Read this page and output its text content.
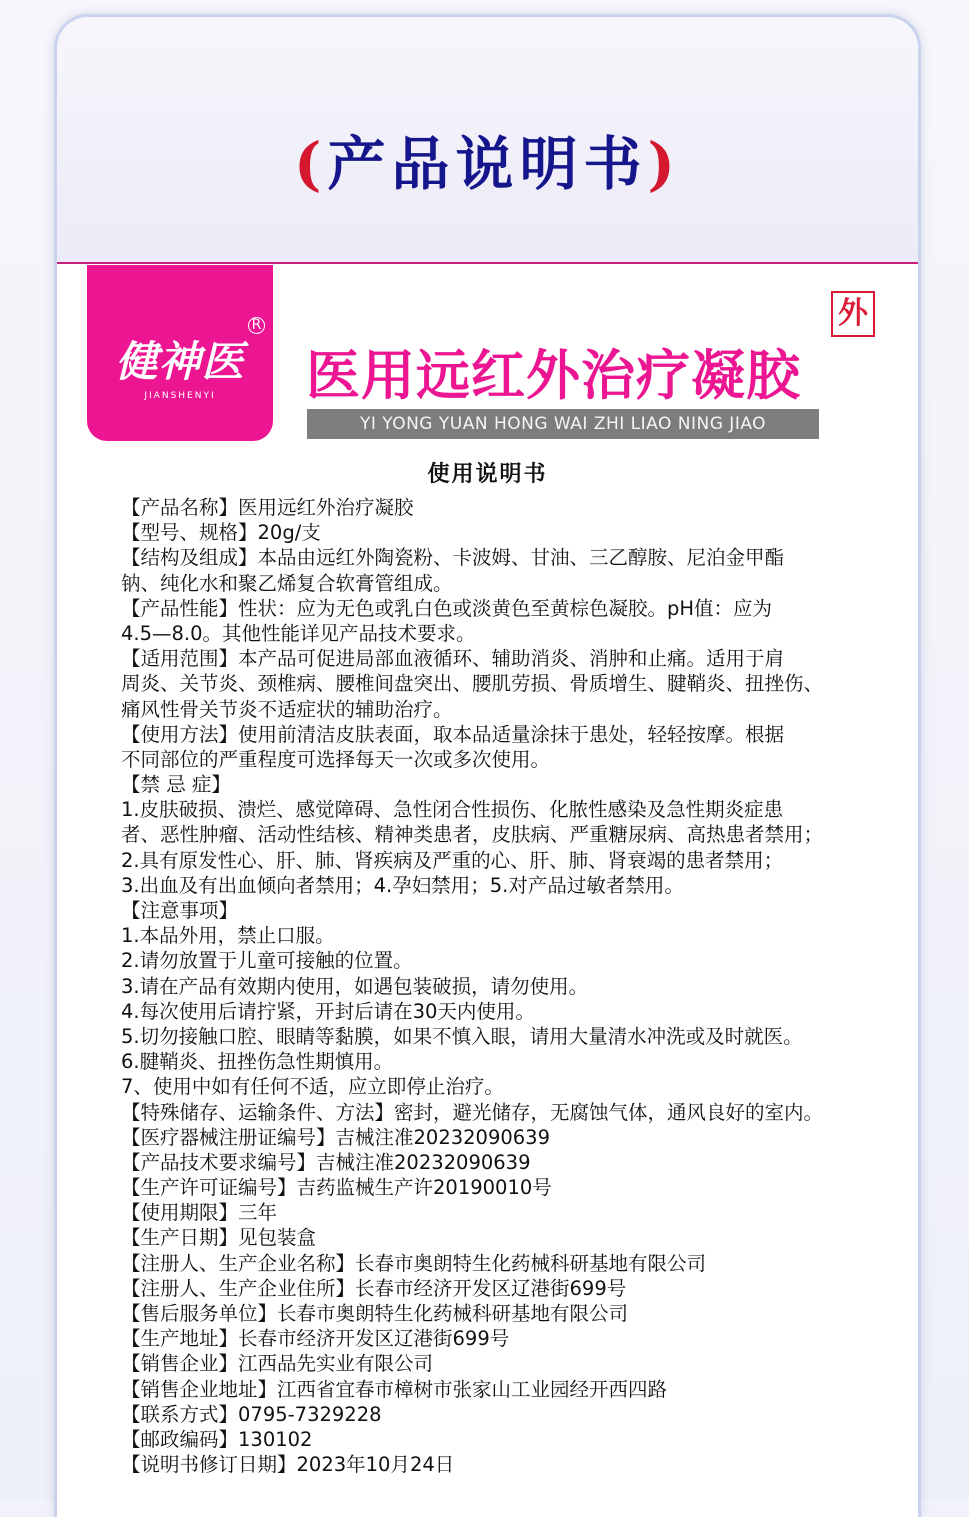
(产品说明书)
健神医
R
JIANSHENYI	医用远红外治疗凝胶
外
YI YONG YUAN HONG WAI ZHI LIAO NING JIAO
使用说明书
【产品名称】医用远红外治疗凝胶
【型号、规格】20g/支
【结构及组成】本品由远红外陶瓷粉、卡波姆、甘油、三乙醇胺、尼泊金甲酯
钠、纯化水和聚乙烯复合软膏管组成。
【产品性能】性状：应为无色或乳白色或淡黄色至黄棕色凝胶。pH值：应为
4.5—8.0。其他性能详见产品技术要求。
【适用范围】本产品可促进局部血液循环、辅助消炎、消肿和止痛。适用于肩
周炎、关节炎、颈椎病、腰椎间盘突出、腰肌劳损、骨质增生、腱鞘炎、扭挫伤、
痛风性骨关节炎不适症状的辅助治疗。
【使用方法】使用前清洁皮肤表面，取本品适量涂抹于患处，轻轻按摩。根据
不同部位的严重程度可选择每天一次或多次使用。
【禁 忌 症】
1.皮肤破损、溃烂、感觉障碍、急性闭合性损伤、化脓性感染及急性期炎症患
者、恶性肿瘤、活动性结核、精神类患者，皮肤病、严重糖尿病、高热患者禁用；
2.具有原发性心、肝、肺、肾疾病及严重的心、肝、肺、肾衰竭的患者禁用；
3.出血及有出血倾向者禁用；4.孕妇禁用；5.对产品过敏者禁用。
【注意事项】
1.本品外用，禁止口服。
2.请勿放置于儿童可接触的位置。
3.请在产品有效期内使用，如遇包装破损，请勿使用。
4.每次使用后请拧紧，开封后请在30天内使用。
5.切勿接触口腔、眼睛等黏膜，如果不慎入眼，请用大量清水冲洗或及时就医。
6.腱鞘炎、扭挫伤急性期慎用。
7、使用中如有任何不适，应立即停止治疗。
【特殊储存、运输条件、方法】密封，避光储存，无腐蚀气体，通风良好的室内。
【医疗器械注册证编号】吉械注准20232090639
【产品技术要求编号】吉械注准20232090639
【生产许可证编号】吉药监械生产许20190010号
【使用期限】三年
【生产日期】见包装盒
【注册人、生产企业名称】长春市奥朗特生化药械科研基地有限公司
【注册人、生产企业住所】长春市经济开发区辽港街699号
【售后服务单位】长春市奥朗特生化药械科研基地有限公司
【生产地址】长春市经济开发区辽港街699号
【销售企业】江西品先实业有限公司
【销售企业地址】江西省宜春市樟树市张家山工业园经开西四路
【联系方式】0795-7329228
【邮政编码】130102
【说明书修订日期】2023年10月24日
